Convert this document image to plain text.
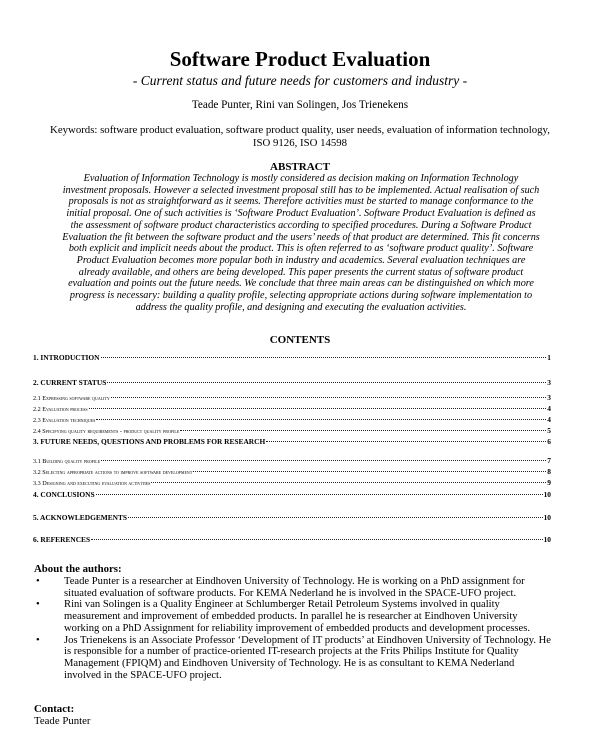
Software Product Evaluation
- Current status and future needs for customers and industry -
Teade Punter, Rini van Solingen, Jos Trienekens
Keywords: software product evaluation, software product quality, user needs, evaluation of information technology,
ISO 9126, ISO 14598
ABSTRACT

Evaluation of Information Technology is mostly considered as decision making on Information Technology

investment proposals. However a selected investment proposal still has to be implemented. Actual realisation of such

proposals is not as straightforward as it seems. Therefore activities must be started to manage conformance to the

initial proposal. One of such activities is ‘Software Product Evaluation’. Software Product Evaluation is defined as

the assessment of software product characteristics according to specified procedures. During a Software Product

Evaluation the fit between the software product and the users’ needs of that product are determined. This fit concerns

both explicit and implicit needs about the product. This is often referred to as ‘software product quality’. Software

Product Evaluation becomes more popular both in industry and academics. Several evaluation techniques are

already available, and others are being developed. This paper presents the current status of software product

evaluation and points out the future needs. We conclude that three main areas can be distinguished on which more

progress is necessary: building a quality profile, selecting appropriate actions during software implementation to

address the quality profile, and designing and executing the evaluation activities.

CONTENTS
1. INTRODUCTION	1
2. CURRENT STATUS	3
2.1 Expressing software quality	3
2.2 Evaluation process	4
2.3 Evaluation techniques	4
2.4 Specifying quality requirements - product quality profile	5
3. FUTURE NEEDS, QUESTIONS AND PROBLEMS FOR RESEARCH	6
3.1 Building quality profile	7
3.2 Selecting appropriate actions to improve software development	8
3.3 Designing and executing evaluation activities	9
4. CONCLUSIONS	10
5. ACKNOWLEDGEMENTS	10
6. REFERENCES	10
About the authors:
• Teade Punter is a researcher at Eindhoven University of Technology. He is working on a PhD assignment for

situated evaluation of software products. For KEMA Nederland he is involved in the SPACE-UFO project.

• Rini van Solingen is a Quality Engineer at Schlumberger Retail Petroleum Systems involved in quality

measurement and improvement of embedded products. In parallel he is researcher at Eindhoven University

working on a PhD Assignment for reliability improvement of embedded products and development processes.

• Jos Trienekens is an Associate Professor ‘Development of IT products’ at Eindhoven University of Technology. He

is responsible for a number of practice-oriented IT-research projects at the Frits Philips Institute for Quality

Management (FPIQM) and Eindhoven University of Technology. He is as consultant to KEMA Nederland

involved in the SPACE-UFO project.

Contact:
Teade Punter
